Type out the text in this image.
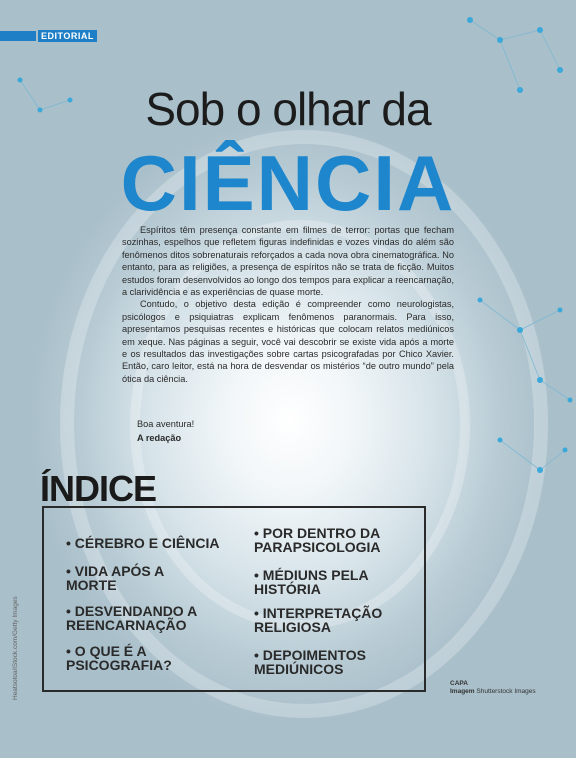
EDITORIAL
Sob o olhar da
CIÊNCIA

Espíritos têm presença constante em filmes de terror: portas que fecham sozinhas, espelhos que refletem figuras indefinidas e vozes vindas do além são fenômenos ditos sobrenaturais reforçados a cada nova obra cinematográfica. No entanto, para as religiões, a presença de espíritos não se trata de ficção. Muitos estudos foram desenvolvidos ao longo dos tempos para explicar a reencarnação, a clarividência e as experiências de quase morte.

Contudo, o objetivo desta edição é compreender como neurologistas, psicólogos e psiquiatras explicam fenômenos paranormais. Para isso, apresentamos pesquisas recentes e históricas que colocam relatos mediúnicos em xeque. Nas páginas a seguir, você vai descobrir se existe vida após a morte e os resultados das investigações sobre cartas psicografadas por Chico Xavier. Então, caro leitor, está na hora de desvendar os mistérios “de outro mundo” pela ótica da ciência.

Boa aventura!
A redação
ÍNDICE
• CÉREBRO E CIÊNCIA
• VIDA APÓS A MORTE
• DESVENDANDO A REENCARNAÇÃO
• O QUE É A PSICOGRAFIA?
• POR DENTRO DA PARAPSICOLOGIA
• MÉDIUNS PELA HISTÓRIA
• INTERPRETAÇÃO RELIGIOSA
• DEPOIMENTOS MEDIÚNICOS
Heatsotoa/iStock.com/Getty Images	CAPA
Imagem Shutterstock Images
